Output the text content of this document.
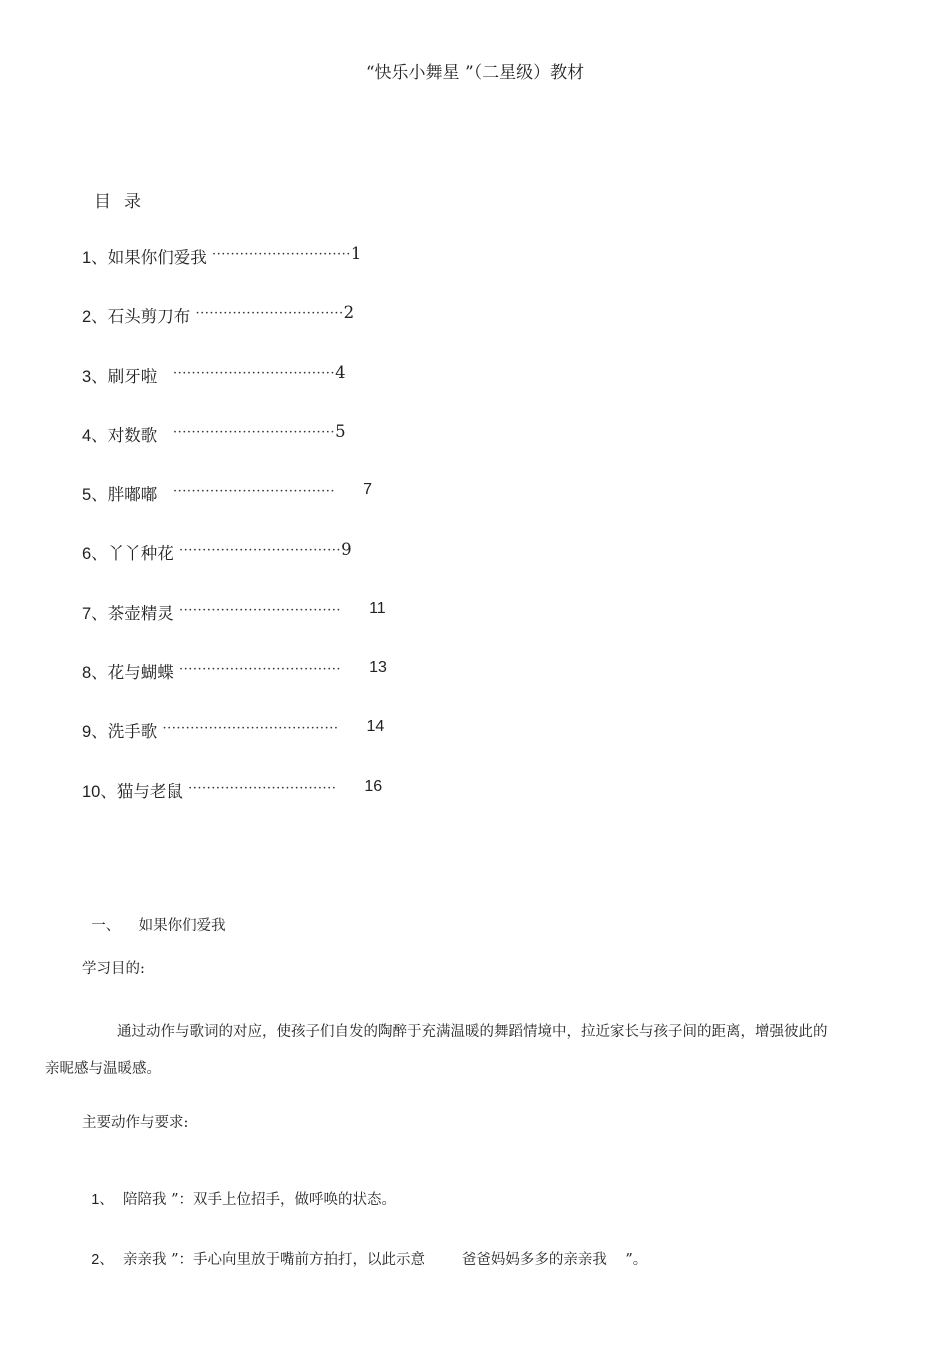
“快乐小舞星 ”（二星级）教材
目录
1、 如果你们爱我 ······························ 1
2、 石头剪刀布 ································ 2
3、 刷牙啦 ··································· 4
4、 对数歌 ··································· 5
5、 胖嘟嘟 ··································· 7
6、 丫丫种花 ··································· 9
7、 茶壶精灵 ··································· 11
8、 花与蝴蝶 ··································· 13
9、 洗手歌 ······································ 14
10、 猫与老鼠 ································ 16

一、 如果你们爱我

学习目的:

通过动作与歌词的对应，使孩子们自发的陶醉于充满温暖的舞蹈情境中，拉近家长与孩子间的距离，增强彼此的亲昵感与温暖感。

主要动作与要求:

1、  陪陪我 ”：双手上位招手，做呼唤的状态。

2、  亲亲我 ”：手心向里放于嘴前方拍打，以此示意        爸爸妈妈多多的亲亲我    ”。
